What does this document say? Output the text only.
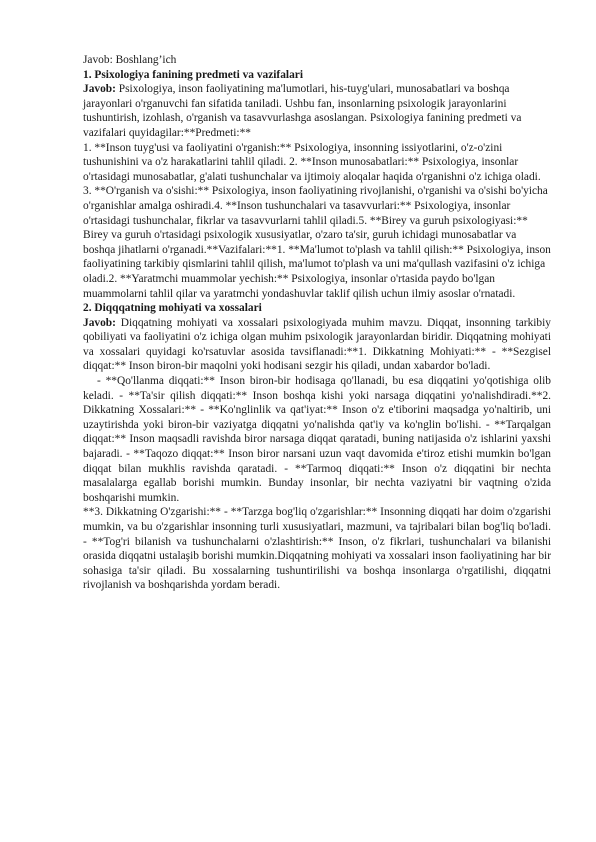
Javob: Boshlang’ich

1. Psixologiya fanining predmeti va vazifalari

Javob: Psixologiya, inson faoliyatining ma'lumotlari, his-tuyg'ulari, munosabatlari va boshqa jarayonlari o'rganuvchi fan sifatida taniladi. Ushbu fan, insonlarning psixologik jarayonlarini tushuntirish, izohlash, o'rganish va tasavvurlashga asoslangan. Psixologiya fanining predmeti va vazifalari quyidagilar:**Predmeti:**

1. **Inson tuyg'usi va faoliyatini o'rganish:** Psixologiya, insonning issiyotlarini, o'z-o'zini tushunishini va o'z harakatlarini tahlil qiladi. 2. **Inson munosabatlari:** Psixologiya, insonlar o'rtasidagi munosabatlar, g'alati tushunchalar va ijtimoiy aloqalar haqida o'rganishni o'z ichiga oladi.

3. **O'rganish va o'sishi:** Psixologiya, inson faoliyatining rivojlanishi, o'rganishi va o'sishi bo'yicha o'rganishlar amalga oshiradi.4. **Inson tushunchalari va tasavvurlari:** Psixologiya, insonlar o'rtasidagi tushunchalar, fikrlar va tasavvurlarni tahlil qiladi.5. **Birey va guruh psixologiyasi:** Birey va guruh o'rtasidagi psixologik xususiyatlar, o'zaro ta'sir, guruh ichidagi munosabatlar va boshqa jihatlarni o'rganadi.**Vazifalari:**1. **Ma'lumot to'plash va tahlil qilish:** Psixologiya, inson faoliyatining tarkibiy qismlarini tahlil qilish, ma'lumot to'plash va uni ma'qullash vazifasini o'z ichiga oladi.2. **Yaratmchi muammolar yechish:** Psixologiya, insonlar o'rtasida paydo bo'lgan muammolarni tahlil qilar va yaratmchi yondashuvlar taklif qilish uchun ilmiy asoslar o'rnatadi.

2. Diqqqatning mohiyati va xossalari

Javob: Diqqatning mohiyati va xossalari psixologiyada muhim mavzu. Diqqat, insonning tarkibiy qobiliyati va faoliyatini o'z ichiga olgan muhim psixologik jarayonlardan biridir. Diqqatning mohiyati va xossalari quyidagi ko'rsatuvlar asosida tavsiflanadi:**1. Dikkatning Mohiyati:** - **Sezgisel diqqat:** Inson biron-bir maqolni yoki hodisani sezgir his qiladi, undan xabardor bo'ladi.

- **Qo'llanma diqqati:** Inson biron-bir hodisaga qo'llanadi, bu esa diqqatini yo'qotishiga olib keladi. - **Ta'sir qilish diqqati:** Inson boshqa kishi yoki narsaga diqqatini yo'nalishdiradi.**2. Dikkatning Xossalari:** - **Ko'nglinlik va qat'iyat:** Inson o'z e'tiborini maqsadga yo'naltirib, uni uzaytirishda yoki biron-bir vaziyatga diqqatni yo'nalishda qat'iy va ko'nglin bo'lishi. - **Tarqalgan diqqat:** Inson maqsadli ravishda biror narsaga diqqat qaratadi, buning natijasida o'z ishlarini yaxshi bajaradi. - **Taqozo diqqat:** Inson biror narsani uzun vaqt davomida e'tiroz etishi mumkin bo'lgan diqqat bilan mukhlis ravishda qaratadi. - **Tarmoq diqqati:** Inson o'z diqqatini bir nechta masalalarga egallab borishi mumkin. Bunday insonlar, bir nechta vaziyatni bir vaqtning o'zida boshqarishi mumkin.

**3. Dikkatning O'zgarishi:** - **Tarzga bog'liq o'zgarishlar:** Insonning diqqati har doim o'zgarishi mumkin, va bu o'zgarishlar insonning turli xususiyatlari, mazmuni, va tajribalari bilan bog'liq bo'ladi. - **Tog'ri bilanish va tushunchalarni o'zlashtirish:** Inson, o'z fikrlari, tushunchalari va bilanishi orasida diqqatni ustalaşib borishi mumkin.Diqqatning mohiyati va xossalari inson faoliyatining har bir sohasiga ta'sir qiladi. Bu xossalarning tushuntirilishi va boshqa insonlarga o'rgatilishi, diqqatni rivojlanish va boshqarishda yordam beradi.
